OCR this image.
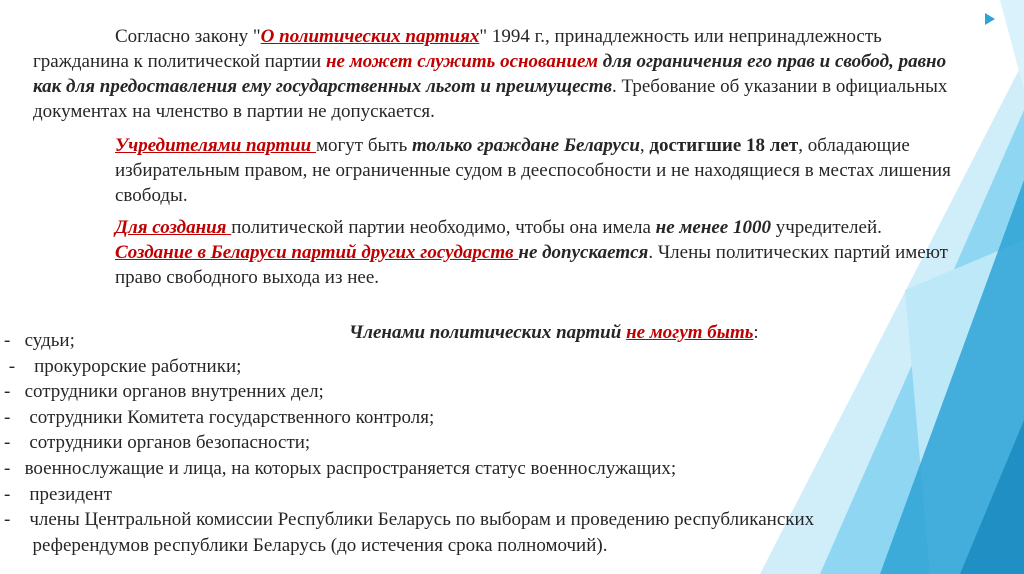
Согласно закону "О политических партиях" 1994 г., принадлежность или непринадлежность

гражданина к политической партии не может служить основанием для ограничения его прав и свобод, равно

как для предоставления ему государственных льгот и преимуществ. Требование об указании в официальных

документах на членство в партии не допускается.

Учредителями партии могут быть только граждане Беларуси, достигшие 18 лет, обладающие

избирательным правом, не ограниченные судом в дееспособности и не находящиеся в местах лишения

свободы.

Для создания политической партии необходимо, чтобы она имела не менее 1000 учредителей.

Создание в Беларуси партий других государств не допускается. Члены политических партий имеют

право свободного выхода из нее.

Членами политических партий не могут быть:

-   судьи;
-    прокурорские работники;
-   сотрудники органов внутренних дел;
-    сотрудники Комитета государственного контроля;
-    сотрудники органов безопасности;
-   военнослужащие и лица, на которых распространяется статус военнослужащих;
-    президент
-    члены Центральной комиссии Республики Беларусь по выборам и проведению республиканских
референдумов республики Беларусь (до истечения срока полномочий).
